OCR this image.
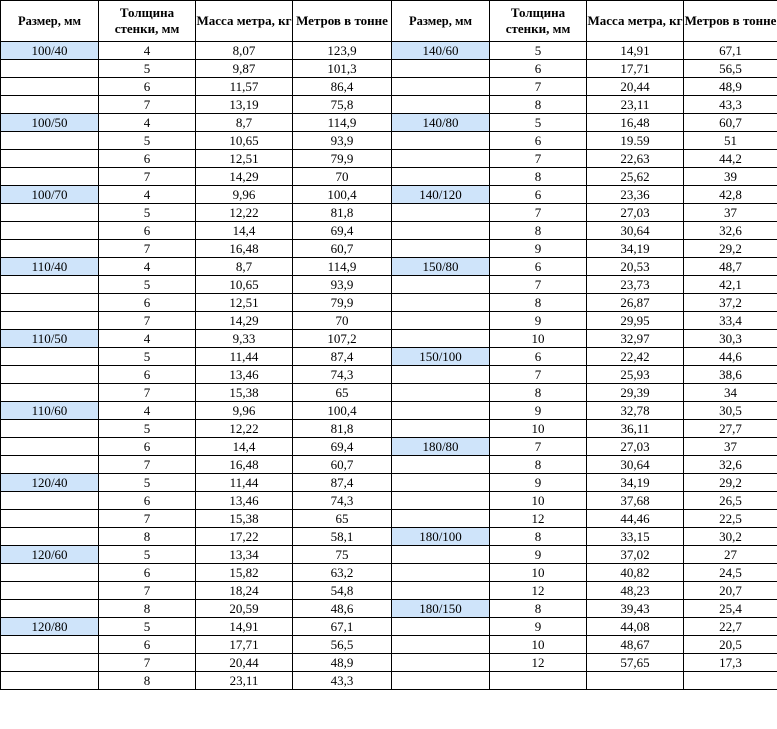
Размер, мм	Толщина стенки, мм	Масса метра, кг	Метров в тонне	Размер, мм	Толщина стенки, мм	Масса метра, кг	Метров в тонне
100/40	4	8,07	123,9	140/60	5	14,91	67,1
	5	9,87	101,3		6	17,71	56,5
	6	11,57	86,4		7	20,44	48,9
	7	13,19	75,8		8	23,11	43,3
100/50	4	8,7	114,9	140/80	5	16,48	60,7
	5	10,65	93,9		6	19.59	51
	6	12,51	79,9		7	22,63	44,2
	7	14,29	70		8	25,62	39
100/70	4	9,96	100,4	140/120	6	23,36	42,8
	5	12,22	81,8		7	27,03	37
	6	14,4	69,4		8	30,64	32,6
	7	16,48	60,7		9	34,19	29,2
110/40	4	8,7	114,9	150/80	6	20,53	48,7
	5	10,65	93,9		7	23,73	42,1
	6	12,51	79,9		8	26,87	37,2
	7	14,29	70		9	29,95	33,4
110/50	4	9,33	107,2		10	32,97	30,3
	5	11,44	87,4	150/100	6	22,42	44,6
	6	13,46	74,3		7	25,93	38,6
	7	15,38	65		8	29,39	34
110/60	4	9,96	100,4		9	32,78	30,5
	5	12,22	81,8		10	36,11	27,7
	6	14,4	69,4	180/80	7	27,03	37
	7	16,48	60,7		8	30,64	32,6
120/40	5	11,44	87,4		9	34,19	29,2
	6	13,46	74,3		10	37,68	26,5
	7	15,38	65		12	44,46	22,5
	8	17,22	58,1	180/100	8	33,15	30,2
120/60	5	13,34	75		9	37,02	27
	6	15,82	63,2		10	40,82	24,5
	7	18,24	54,8		12	48,23	20,7
	8	20,59	48,6	180/150	8	39,43	25,4
120/80	5	14,91	67,1		9	44,08	22,7
	6	17,71	56,5		10	48,67	20,5
	7	20,44	48,9		12	57,65	17,3
	8	23,11	43,3				
